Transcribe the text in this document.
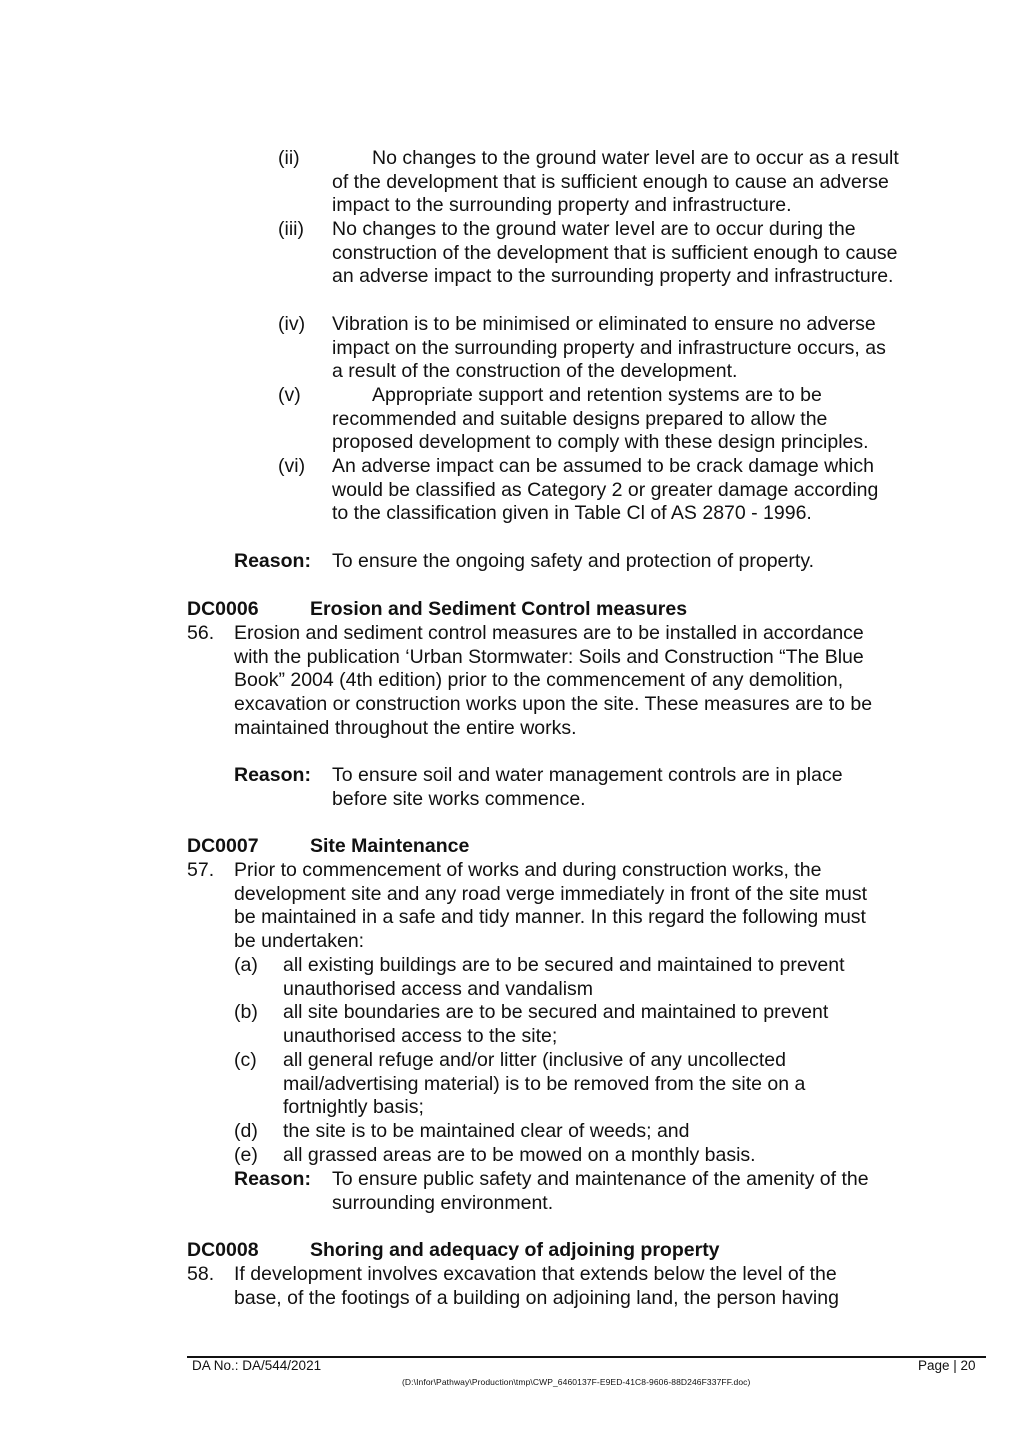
(ii)	No changes to the ground water level are to occur as a result of the development that is sufficient enough to cause an adverse impact to the surrounding property and infrastructure.
(iii) No changes to the ground water level are to occur during the construction of the development that is sufficient enough to cause an adverse impact to the surrounding property and infrastructure.
(iv) Vibration is to be minimised or eliminated to ensure no adverse impact on the surrounding property and infrastructure occurs, as a result of the construction of the development.
(v)	Appropriate support and retention systems are to be recommended and suitable designs prepared to allow the proposed development to comply with these design principles.
(vi) An adverse impact can be assumed to be crack damage which would be classified as Category 2 or greater damage according to the classification given in Table Cl of AS 2870 - 1996.
Reason: To ensure the ongoing safety and protection of property.
DC0006	Erosion and Sediment Control measures
56. Erosion and sediment control measures are to be installed in accordance with the publication ‘Urban Stormwater: Soils and Construction “The Blue Book” 2004 (4th edition) prior to the commencement of any demolition, excavation or construction works upon the site. These measures are to be maintained throughout the entire works.
Reason: To ensure soil and water management controls are in place before site works commence.
DC0007	Site Maintenance
57. Prior to commencement of works and during construction works, the development site and any road verge immediately in front of the site must be maintained in a safe and tidy manner. In this regard the following must be undertaken:
(a) all existing buildings are to be secured and maintained to prevent unauthorised access and vandalism
(b) all site boundaries are to be secured and maintained to prevent unauthorised access to the site;
(c) all general refuge and/or litter (inclusive of any uncollected mail/advertising material) is to be removed from the site on a fortnightly basis;
(d) the site is to be maintained clear of weeds; and
(e) all grassed areas are to be mowed on a monthly basis.
Reason: To ensure public safety and maintenance of the amenity of the surrounding environment.
DC0008	Shoring and adequacy of adjoining property
58. If development involves excavation that extends below the level of the base, of the footings of a building on adjoining land, the person having
DA No.: DA/544/2021	Page | 20
(D:\Infor\Pathway\Production\tmp\CWP_6460137F-E9ED-41C8-9606-88D246F337FF.doc)
